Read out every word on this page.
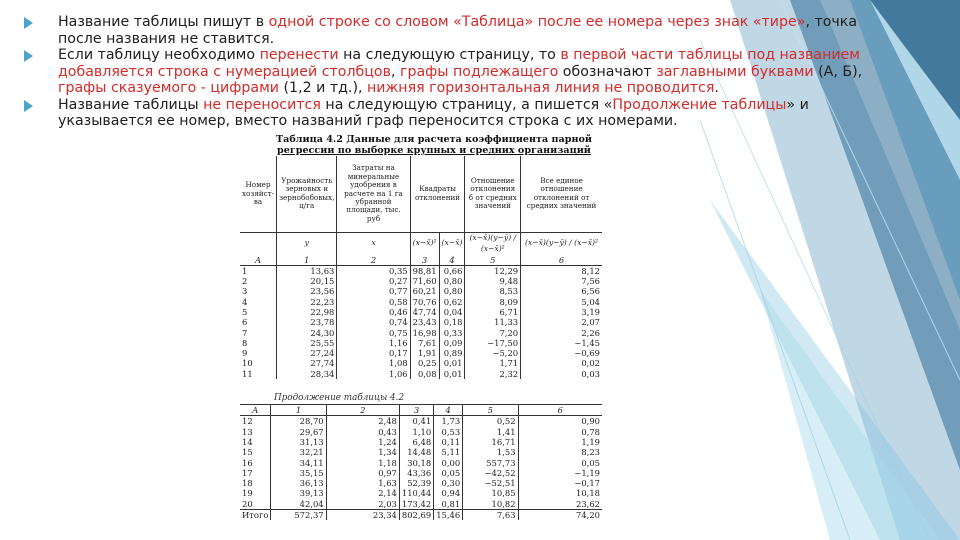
Название таблицы пишут в одной строке со словом «Таблица» после ее номера через знак «тире», точка после названия не ставится.
Если таблицу необходимо перенести на следующую страницу, то в первой части таблицы под названием добавляется строка с нумерацией столбцов, графы подлежащего обозначают заглавными буквами (А, Б), графы сказуемого - цифрами (1,2 и тд.), нижняя горизонтальная линия не проводится.
Название таблицы не переносится на следующую страницу, а пишется «Продолжение таблицы» и указывается ее номер, вместо названий граф переносится строка с их номерами.
Таблица 4.2 Данные для расчета коэффициента парной
регрессии по выборке крупных и средних организаций
Номер хозяйст-ва	Урожайность зерновых и зернобобовых, ц/га	Затраты на минеральные удобрения в расчете на 1 га убранной площади, тыс. руб	Квадраты отклонений		Отношение отклонения б от средних значений	Все единое отношение отклонений от средних значений
	y	x	(x−x̄)²	(x−x̄)	(x−x̄)(y−ȳ) / (x−x̄)²	(x−x̄)(y−ȳ) / (x−x̄)²
А	1	2	3	4	5	6
1	13,63	0,35	98,81	0,66	12,29	8,12
2	20,15	0,27	71,60	0,80	9,48	7,56
3	23,56	0,77	60,21	0,80	8,53	6,56
4	22,23	0,58	70,76	0,62	8,09	5,04
5	22,98	0,46	47,74	0,04	6,71	3,19
6	23,78	0,74	23,43	0,18	11,33	2,07
7	24,30	0,75	16,98	0,33	7,20	2,26
8	25,55	1,16	7,61	0,09	−17,50	−1,45
9	27,24	0,17	1,91	0,89	−5,20	−0,69
10	27,74	1,08	0,25	0,01	1,71	0,02
11	28,34	1,06	0,08	0,01	2,32	0,03
Продолжение таблицы 4.2
А	1	2	3	4	5	6
12	28,70	2,48	0,41	1,73	0,52	0,90
13	29,67	0,43	1,10	0,53	1,41	0,78
14	31,13	1,24	6,48	0,11	16,71	1,19
15	32,21	1,34	14,48	5,11	1,53	8,23
16	34,11	1,18	30,18	0,00	557,73	0,05
17	35,15	0,97	43,36	0,05	−42,52	−1,19
18	36,13	1,63	52,39	0,30	−52,51	−0,17
19	39,13	2,14	110,44	0,94	10,85	10,18
20	42,04	2,03	173,42	0,81	10,82	23,62
Итого	572,37	23,34	802,69	15,46	7,63	74,20
